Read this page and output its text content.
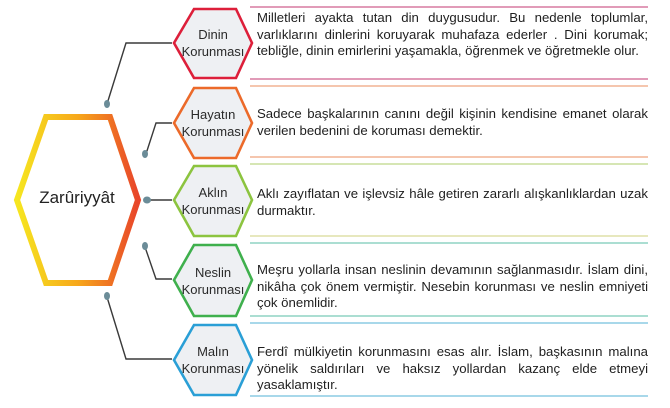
Zarûriyyât
Dinin
Korunması
Hayatın
Korunması
Aklın
Korunması
Neslin
Korunması
Malın
Korunması
Milletleri ayakta tutan din duygusudur. Bu nedenle toplumlar, varlıklarını dinlerini koruyarak muhafaza ederler . Dini korumak; tebliğle, dinin emirlerini yaşamakla, öğrenmek ve öğretmekle olur.
Sadece başkalarının canını değil kişinin kendisine emanet olarak verilen bedenini de koruması demektir.
Aklı zayıflatan ve işlevsiz hâle getiren zararlı alışkanlıklardan uzak durmaktır.
Meşru yollarla insan neslinin devamının sağlanmasıdır. İslam dini, nikâha çok önem vermiştir. Nesebin korunması ve neslin emniyeti çok önemlidir.
Ferdî mülkiyetin korunmasını esas alır. İslam, başkasının malına yönelik saldırıları ve haksız yollardan kazanç elde etmeyi yasaklamıştır.
